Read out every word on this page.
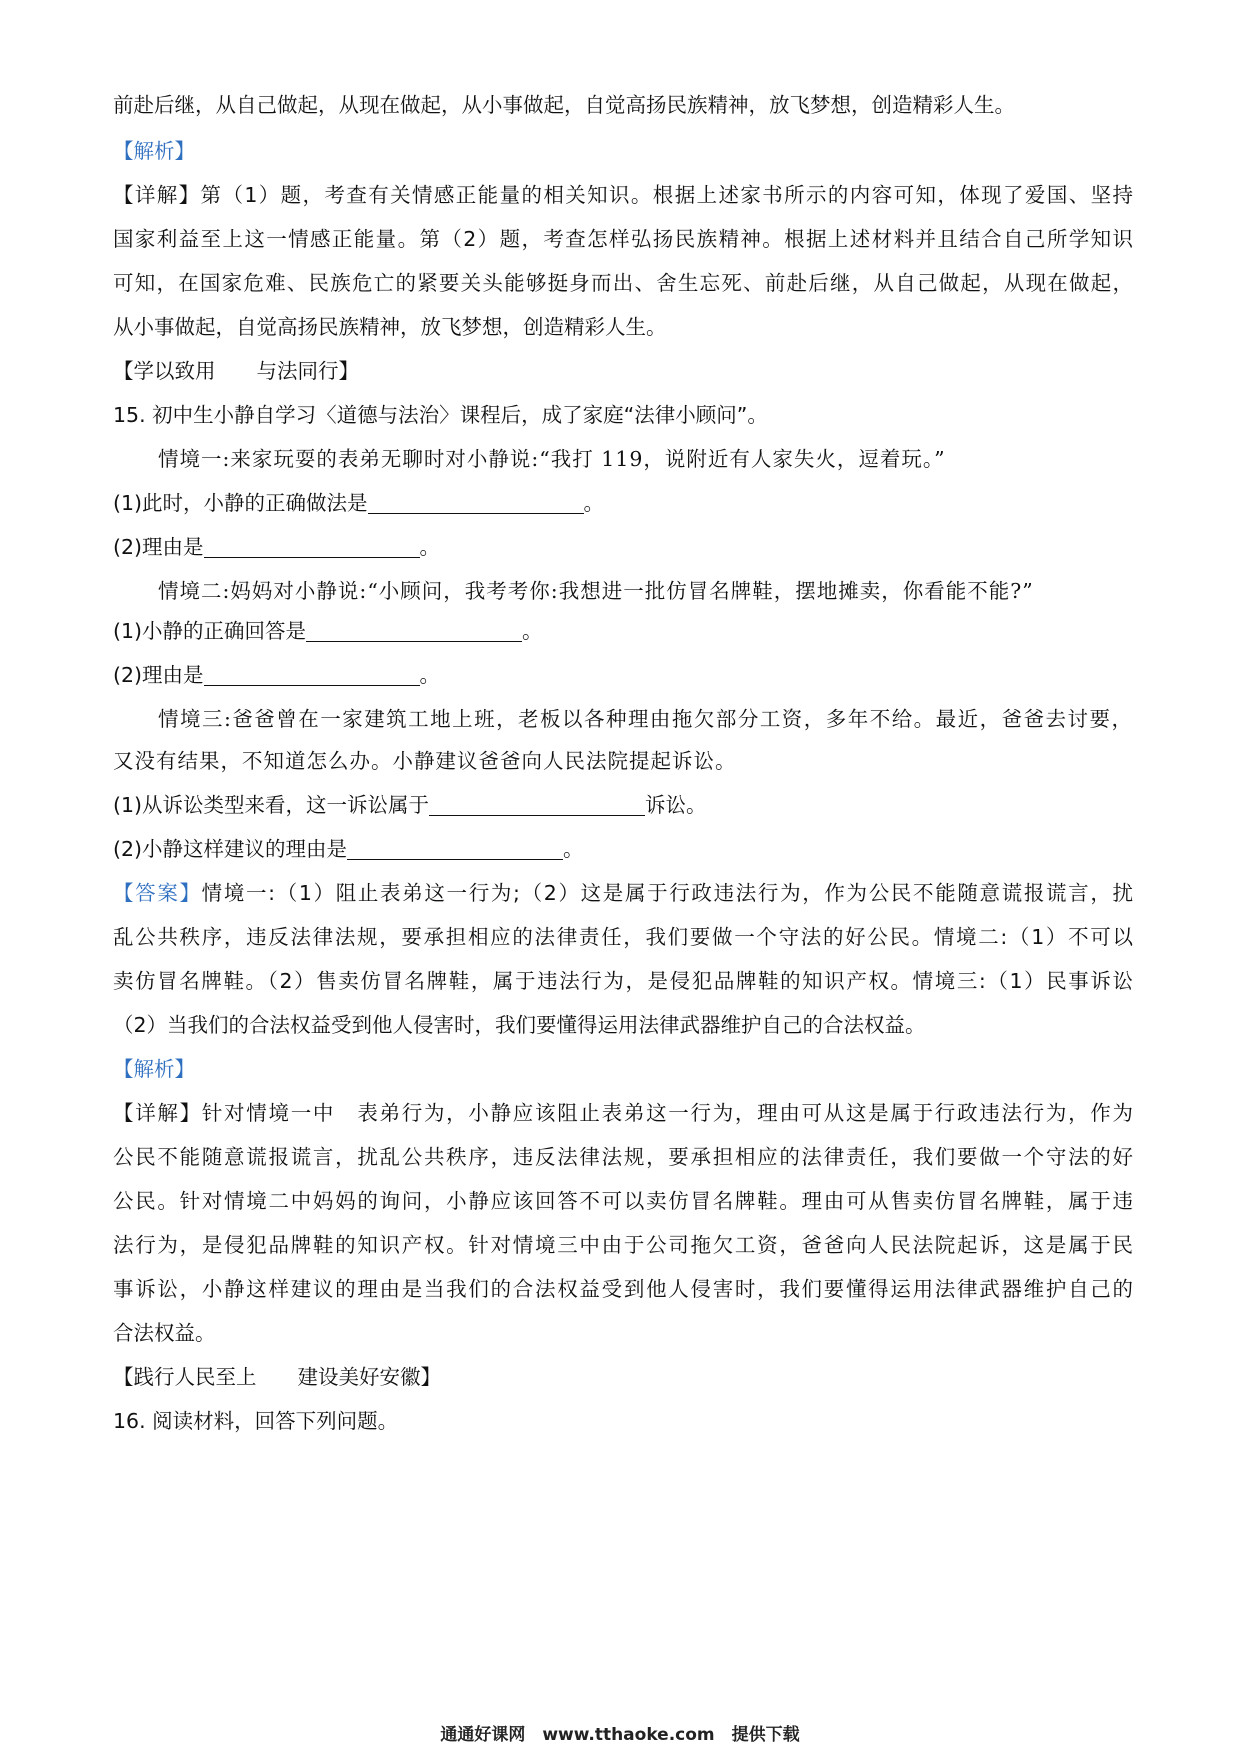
前赴后继，从自己做起，从现在做起，从小事做起，自觉高扬民族精神，放飞梦想，创造精彩人生。
【解析】
【详解】第（1）题，考查有关情感正能量的相关知识。根据上述家书所示的内容可知，体现了爱国、坚持
国家利益至上这一情感正能量。第（2）题，考查怎样弘扬民族精神。根据上述材料并且结合自己所学知识
可知，在国家危难、民族危亡的紧要关头能够挺身而出、舍生忘死、前赴后继，从自己做起，从现在做起，
从小事做起，自觉高扬民族精神，放飞梦想，创造精彩人生。
【学以致用　　与法同行】
15. 初中生小静自学习〈道德与法治〉课程后，成了家庭“法律小顾问”。
情境一:来家玩耍的表弟无聊时对小静说:“我打 119，说附近有人家失火，逗着玩。”
(1)此时，小静的正确做法是	。
(2)理由是	。
情境二:妈妈对小静说:“小顾问，我考考你:我想进一批仿冒名牌鞋，摆地摊卖，你看能不能?”
(1)小静的正确回答是	。
(2)理由是	。
情境三:爸爸曾在一家建筑工地上班，老板以各种理由拖欠部分工资，多年不给。最近，爸爸去讨要，
又没有结果，不知道怎么办。小静建议爸爸向人民法院提起诉讼。
(1)从诉讼类型来看，这一诉讼属于	诉讼。
(2)小静这样建议的理由是	。
【答案】情境一:（1）阻止表弟这一行为;（2）这是属于行政违法行为，作为公民不能随意谎报谎言，扰
乱公共秩序，违反法律法规，要承担相应的法律责任，我们要做一个守法的好公民。情境二:（1）不可以
卖仿冒名牌鞋。（2）售卖仿冒名牌鞋，属于违法行为，是侵犯品牌鞋的知识产权。情境三:（1）民事诉讼
（2）当我们的合法权益受到他人侵害时，我们要懂得运用法律武器维护自己的合法权益。
【解析】
【详解】针对情境一中　表弟行为，小静应该阻止表弟这一行为，理由可从这是属于行政违法行为，作为
公民不能随意谎报谎言，扰乱公共秩序，违反法律法规，要承担相应的法律责任，我们要做一个守法的好
公民。针对情境二中妈妈的询问，小静应该回答不可以卖仿冒名牌鞋。理由可从售卖仿冒名牌鞋，属于违
法行为，是侵犯品牌鞋的知识产权。针对情境三中由于公司拖欠工资，爸爸向人民法院起诉，这是属于民
事诉讼，小静这样建议的理由是当我们的合法权益受到他人侵害时，我们要懂得运用法律武器维护自己的
合法权益。
【践行人民至上　　建设美好安徽】
16. 阅读材料，回答下列问题。
通通好课网　www.tthaoke.com　提供下载
